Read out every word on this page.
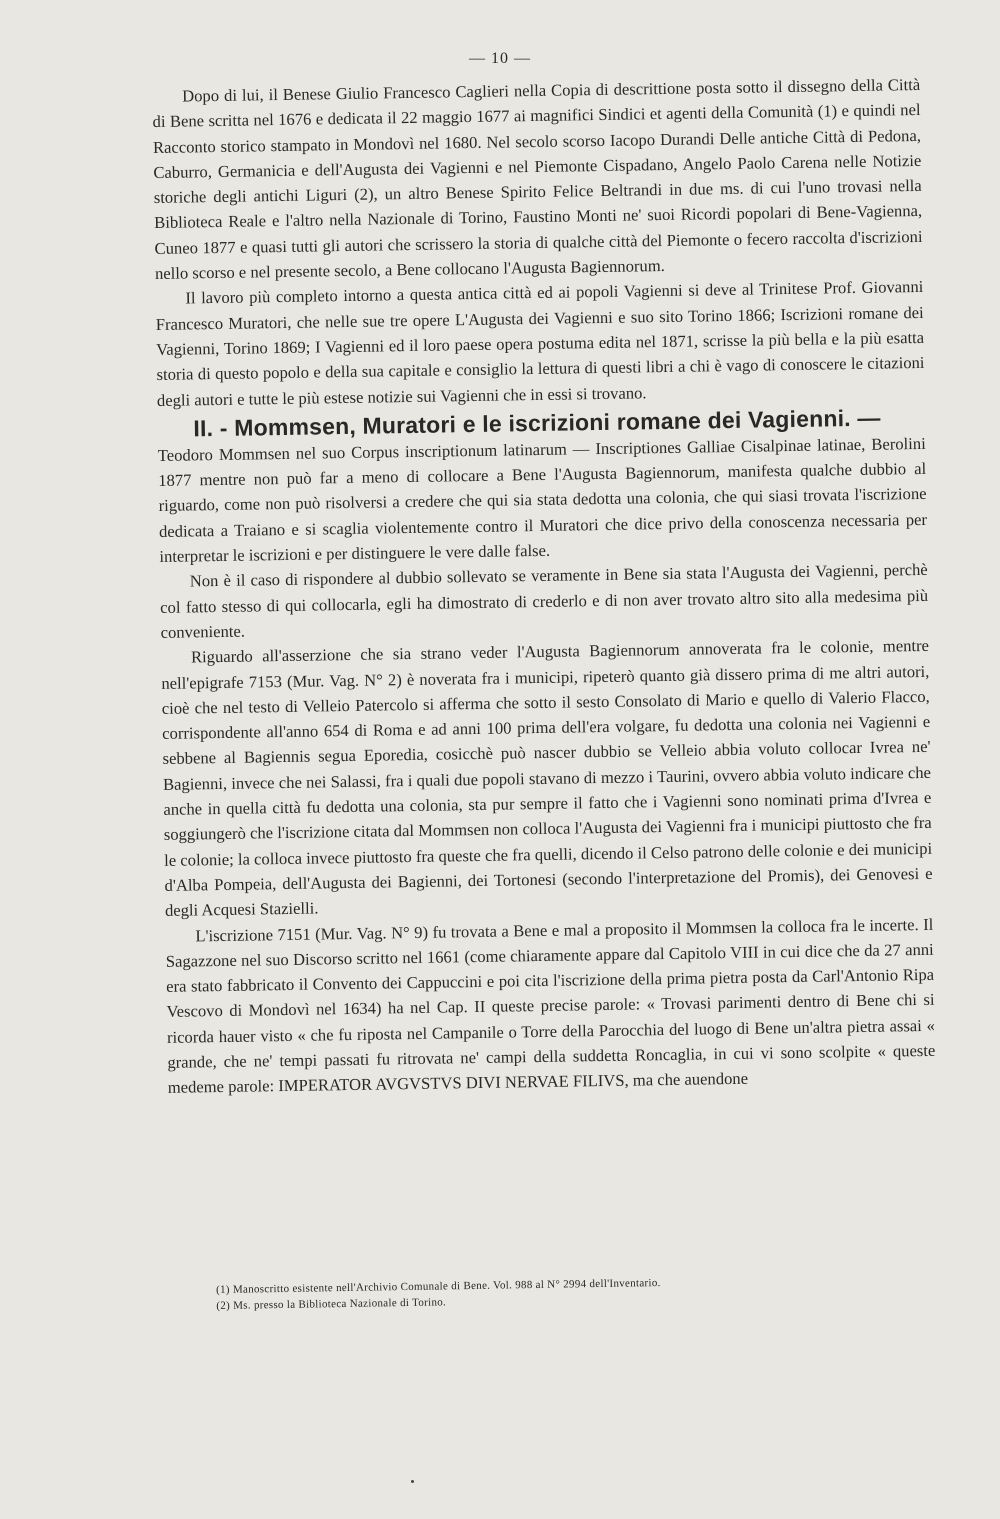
— 10 —

Dopo di lui, il Benese Giulio Francesco Caglieri nella Copia di descrittione posta sotto il dissegno della Città di Bene scritta nel 1676 e dedicata il 22 maggio 1677 ai magnifici Sindici et agenti della Comunità (1) e quindi nel Racconto storico stampato in Mondovì nel 1680. Nel secolo scorso Iacopo Durandi Delle antiche Città di Pedona, Caburro, Germanicia e dell'Augusta dei Vagienni e nel Piemonte Cispadano, Angelo Paolo Carena nelle Notizie storiche degli antichi Liguri (2), un altro Benese Spirito Felice Beltrandi in due ms. di cui l'uno trovasi nella Biblioteca Reale e l'altro nella Nazionale di Torino, Faustino Monti ne' suoi Ricordi popolari di Bene-Vagienna, Cuneo 1877 e quasi tutti gli autori che scrissero la storia di qualche città del Piemonte o fecero raccolta d'iscrizioni nello scorso e nel presente secolo, a Bene collocano l'Augusta Bagiennorum.

Il lavoro più completo intorno a questa antica città ed ai popoli Vagienni si deve al Trinitese Prof. Giovanni Francesco Muratori, che nelle sue tre opere L'Augusta dei Vagienni e suo sito Torino 1866; Iscrizioni romane dei Vagienni, Torino 1869; I Vagienni ed il loro paese opera postuma edita nel 1871, scrisse la più bella e la più esatta storia di questo popolo e della sua capitale e consiglio la lettura di questi libri a chi è vago di conoscere le citazioni degli autori e tutte le più estese notizie sui Vagienni che in essi si trovano.

II. - Mommsen, Muratori e le iscrizioni romane dei Vagienni. —

Teodoro Mommsen nel suo Corpus inscriptionum latinarum — Inscriptiones Galliae Cisalpinae latinae, Berolini 1877 mentre non può far a meno di collocare a Bene l'Augusta Bagiennorum, manifesta qualche dubbio al riguardo, come non può risolversi a credere che qui sia stata dedotta una colonia, che qui siasi trovata l'iscrizione dedicata a Traiano e si scaglia violentemente contro il Muratori che dice privo della conoscenza necessaria per interpretar le iscrizioni e per distinguere le vere dalle false.

Non è il caso di rispondere al dubbio sollevato se veramente in Bene sia stata l'Augusta dei Vagienni, perchè col fatto stesso di qui collocarla, egli ha dimostrato di crederlo e di non aver trovato altro sito alla medesima più conveniente.

Riguardo all'asserzione che sia strano veder l'Augusta Bagiennorum annoverata fra le colonie, mentre nell'epigrafe 7153 (Mur. Vag. N° 2) è noverata fra i municipi, ripeterò quanto già dissero prima di me altri autori, cioè che nel testo di Velleio Patercolo si afferma che sotto il sesto Consolato di Mario e quello di Valerio Flacco, corrispondente all'anno 654 di Roma e ad anni 100 prima dell'era volgare, fu dedotta una colonia nei Vagienni e sebbene al Bagiennis segua Eporedia, cosicchè può nascer dubbio se Velleio abbia voluto collocar Ivrea ne' Bagienni, invece che nei Salassi, fra i quali due popoli stavano di mezzo i Taurini, ovvero abbia voluto indicare che anche in quella città fu dedotta una colonia, sta pur sempre il fatto che i Vagienni sono nominati prima d'Ivrea e soggiungerò che l'iscrizione citata dal Mommsen non colloca l'Augusta dei Vagienni fra i municipi piuttosto che fra le colonie; la colloca invece piuttosto fra queste che fra quelli, dicendo il Celso patrono delle colonie e dei municipi d'Alba Pompeia, dell'Augusta dei Bagienni, dei Tortonesi (secondo l'interpretazione del Promis), dei Genovesi e degli Acquesi Stazielli.

L'iscrizione 7151 (Mur. Vag. N° 9) fu trovata a Bene e mal a proposito il Mommsen la colloca fra le incerte. Il Sagazzone nel suo Discorso scritto nel 1661 (come chiaramente appare dal Capitolo VIII in cui dice che da 27 anni era stato fabbricato il Convento dei Cappuccini e poi cita l'iscrizione della prima pietra posta da Carl'Antonio Ripa Vescovo di Mondovì nel 1634) ha nel Cap. II queste precise parole: « Trovasi parimenti dentro di Bene chi si ricorda hauer visto « che fu riposta nel Campanile o Torre della Parocchia del luogo di Bene un'altra pietra assai « grande, che ne' tempi passati fu ritrovata ne' campi della suddetta Roncaglia, in cui vi sono scolpite « queste medeme parole: IMPERATOR AVGVSTVS DIVI NERVAE FILIVS, ma che auendone

(1) Manoscritto esistente nell'Archivio Comunale di Bene. Vol. 988 al N° 2994 dell'Inventario.
(2) Ms. presso la Biblioteca Nazionale di Torino.
